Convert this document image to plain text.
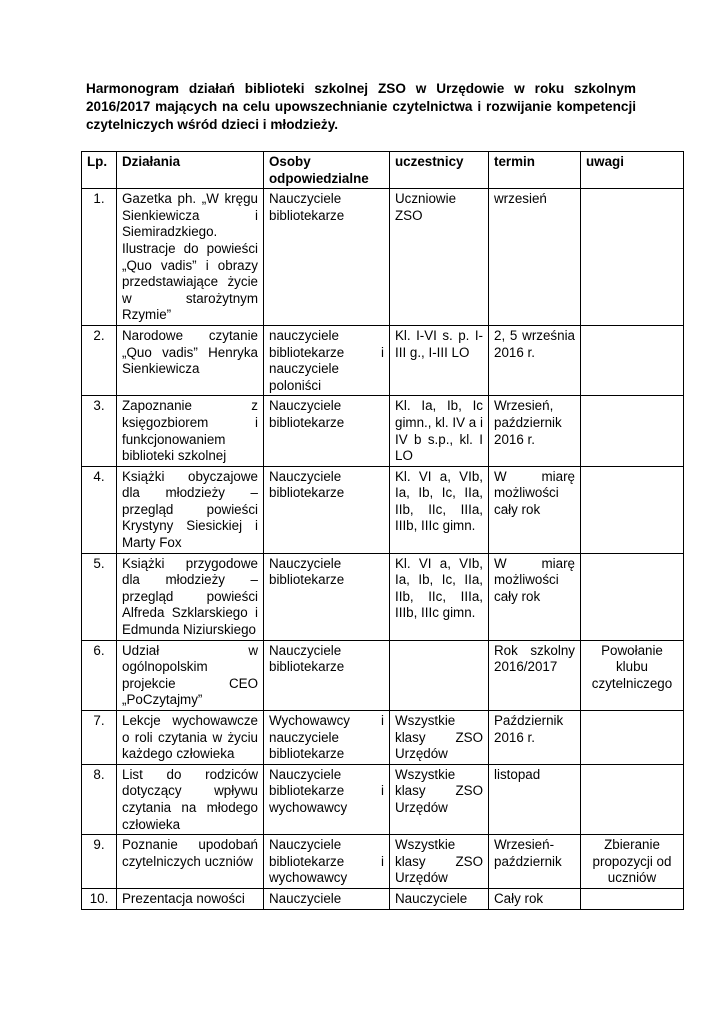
Harmonogram działań biblioteki szkolnej ZSO w Urzędowie w roku szkolnym 2016/2017 mających na celu upowszechnianie czytelnictwa i rozwijanie kompetencji czytelniczych wśród dzieci i młodzieży.
Lp.	Działania	Osoby odpowiedzialne	uczestnicy	termin	uwagi
1.	Gazetka ph. „W kręgu Sienkiewicza i Siemiradzkiego. Ilustracje do powieści „Quo vadis” i obrazy przedstawiające życie w starożytnym Rzymie”	Nauczyciele bibliotekarze	Uczniowie ZSO	wrzesień	
2.	Narodowe czytanie „Quo vadis” Henryka Sienkiewicza	nauczyciele bibliotekarze i nauczyciele poloniści	Kl. I-VI s. p. I-III g., I-III LO	2, 5 września 2016 r.	
3.	Zapoznanie z księgozbiorem i funkcjonowaniem biblioteki szkolnej	Nauczyciele bibliotekarze	Kl. Ia, Ib, Ic gimn., kl. IV a i IV b s.p., kl. I LO	Wrzesień, październik 2016 r.	
4.	Książki obyczajowe dla młodzieży – przegląd powieści Krystyny Siesickiej i Marty Fox	Nauczyciele bibliotekarze	Kl. VI a, VIb, Ia, Ib, Ic, IIa, IIb, IIc, IIIa, IIIb, IIIc gimn.	W miarę możliwości cały rok	
5.	Książki przygodowe dla młodzieży – przegląd powieści Alfreda Szklarskiego i Edmunda Niziurskiego	Nauczyciele bibliotekarze	Kl. VI a, VIb, Ia, Ib, Ic, IIa, IIb, IIc, IIIa, IIIb, IIIc gimn.	W miarę możliwości cały rok	
6.	Udział w ogólnopolskim projekcie CEO „PoCzytajmy”	Nauczyciele bibliotekarze		Rok szkolny 2016/2017	Powołanie klubu czytelniczego
7.	Lekcje wychowawcze o roli czytania w życiu każdego człowieka	Wychowawcy i nauczyciele bibliotekarze	Wszystkie klasy ZSO Urzędów	Październik 2016 r.	
8.	List do rodziców dotyczący wpływu czytania na młodego człowieka	Nauczyciele bibliotekarze i wychowawcy	Wszystkie klasy ZSO Urzędów	listopad	
9.	Poznanie upodobań czytelniczych uczniów	Nauczyciele bibliotekarze i wychowawcy	Wszystkie klasy ZSO Urzędów	Wrzesień-październik	Zbieranie propozycji od uczniów
10.	Prezentacja nowości	Nauczyciele	Nauczyciele	Cały rok	
